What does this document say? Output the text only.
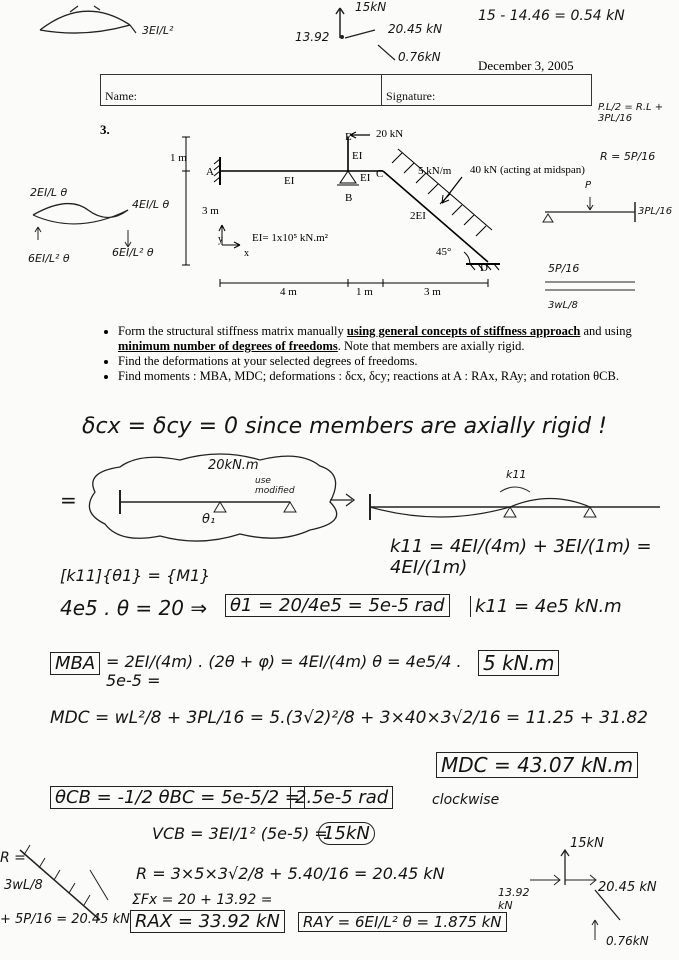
3EI/L²
15kN
13.92
20.45 kN
0.76kN
15 - 14.46 = 0.54 kN
December 3, 2005
Name:	Signature:
3.	E 20 kN
A
EI
EI
EI
B
C	5 kN/m 40 kN (acting at midspan)
2EI
EI= 1x10⁵ kN.m²
45°
D
1 m
3 m
y
x
4 m	1 m	3 m
2EI/L θ
4EI/L θ
6EI/L² θ	6EI/L² θ
P.L/2 = R.L + 3PL/16
R = 5P/16
P
3PL/16
5P/16
3wL/8
• Form the structural stiffness matrix manually using general concepts of stiffness approach and using minimum number of degrees of freedoms. Note that members are axially rigid.
• Find the deformations at your selected degrees of freedoms.
• Find moments : MBA, MDC; deformations : δcx, δcy; reactions at A : RAx, RAy; and rotation θCB.
δcx = δcy = 0 since members are axially rigid !
=
20kN.m
use modified
θ₁
k11
k11 = 4EI/(4m) + 3EI/(1m) = 4EI/(1m)
[k11]{θ1} = {M1}
4e5 . θ = 20 ⇒ θ1 = 20/4e5 = 5e-5 rad k11 = 4e5 kN.m
MBA = 2EI/(4m) . (2θ + φ) = 4EI/(4m) θ = 4e5/4 . 5e-5 =
5 kN.m
MDC = wL²/8 + 3PL/16 = 5.(3√2)²/8 + 3×40×3√2/16 = 11.25 + 31.82
MDC = 43.07 kN.m
θCB = -1/2 θBC = 5e-5/2 =
2.5e-5 rad	clockwise
VCB = 3EI/1² (5e-5) =
15kN
R = 3×5×3√2/8 + 5.40/16 = 20.45 kN
ΣFx = 20 + 13.92 =
RAX = 33.92 kN	RAY = 6EI/L² θ = 1.875 kN
R =
3wL/8
+ 5P/16 = 20.45 kN
15kN
13.92 kN
20.45 kN
0.76kN
